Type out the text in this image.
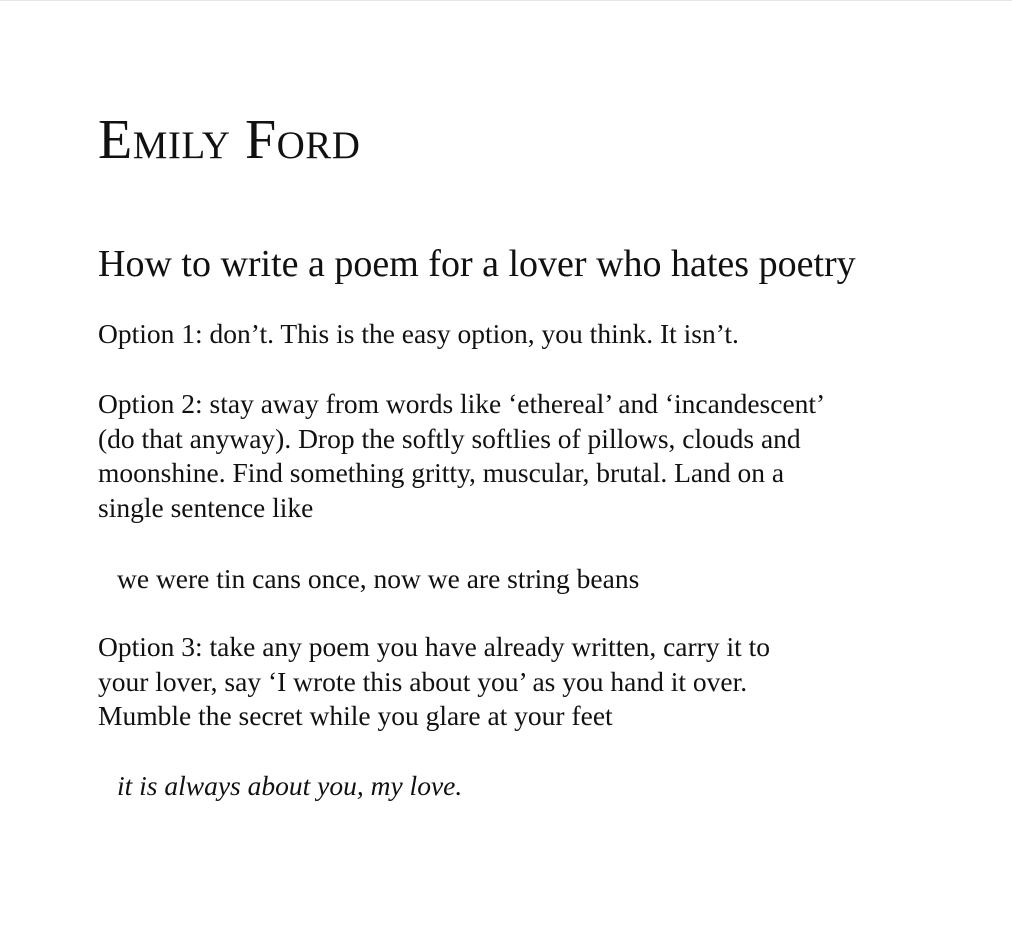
Emily Ford
How to write a poem for a lover who hates poetry

Option 1: don’t. This is the easy option, you think. It isn’t.

Option 2: stay away from words like ‘ethereal’ and ‘incandescent’
(do that anyway). Drop the softly softlies of pillows, clouds and
moonshine. Find something gritty, muscular, brutal. Land on a
single sentence like

we were tin cans once, now we are string beans

Option 3: take any poem you have already written, carry it to
your lover, say ‘I wrote this about you’ as you hand it over.
Mumble the secret while you glare at your feet

it is always about you, my love.
